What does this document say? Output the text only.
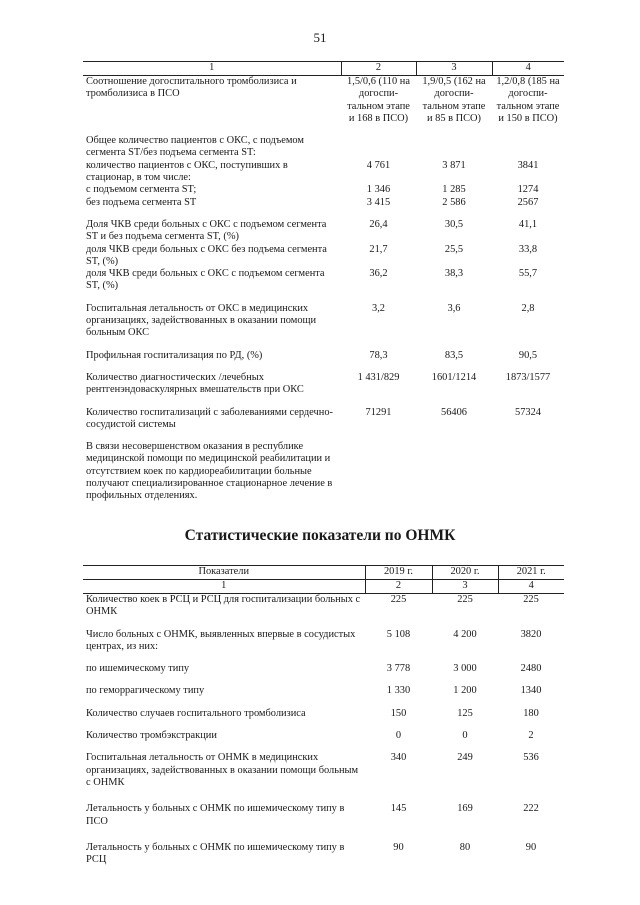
51
1	2	3	4
Соотношение догоспитального тромболизиса и тромболизиса в ПСО	1,5/0,6 (110 на догоспи-тальном этапе и 168 в ПСО)	1,9/0,5 (162 на догоспи-тальном этапе и 85 в ПСО)	1,2/0,8 (185 на догоспи-тальном этапе и 150 в ПСО)
Общее количество пациентов с ОКС, с подъемом сегмента ST/без подъема сегмента ST:			
количество пациентов с ОКС, поступивших в стационар, в том числе:	4 761	3 871	3841
с подъемом сегмента ST;	1 346	1 285	1274
без подъема сегмента ST	3 415	2 586	2567
Доля ЧКВ среди больных с ОКС с подъемом сегмента ST и без подъема сегмента ST, (%)	26,4	30,5	41,1
доля ЧКВ среди больных с ОКС без подъема сегмента ST, (%)	21,7	25,5	33,8
доля ЧКВ среди больных с ОКС с подъемом сегмента ST, (%)	36,2	38,3	55,7
Госпитальная летальность от ОКС в медицинских организациях, задействованных в оказании помощи больным ОКС	3,2	3,6	2,8
Профильная госпитализация по РД, (%)	78,3	83,5	90,5
Количество диагностических /лечебных рентгенэндоваскулярных вмешательств при ОКС	1 431/829	1601/1214	1873/1577
Количество госпитализаций с заболеваниями сердечно-сосудистой системы	71291	56406	57324
В связи несовершенством оказания в республике медицинской помощи по медицинской реабилитации и отсутствием коек по кардиореабилитации больные получают специализированное стационарное лечение в профильных отделениях.			
Статистические показатели по ОНМК
Показатели	2019 г.	2020 г.	2021 г.
1	2	3	4
Количество коек в РСЦ и РСЦ для госпитализации больных с ОНМК	225	225	225
Число больных с ОНМК, выявленных впервые в сосудистых центрах, из них:	5 108	4 200	3820
по ишемическому типу	3 778	3 000	2480
по геморрагическому типу	1 330	1 200	1340
Количество случаев госпитального тромболизиса	150	125	180
Количество тромбэкстракции	0	0	2
Госпитальная летальность от ОНМК в медицинских организациях, задействованных в оказании помощи больным с ОНМК	340	249	536
Летальность у больных с ОНМК по ишемическому типу в ПСО	145	169	222
Летальность у больных с ОНМК по ишемическому типу в РСЦ	90	80	90
